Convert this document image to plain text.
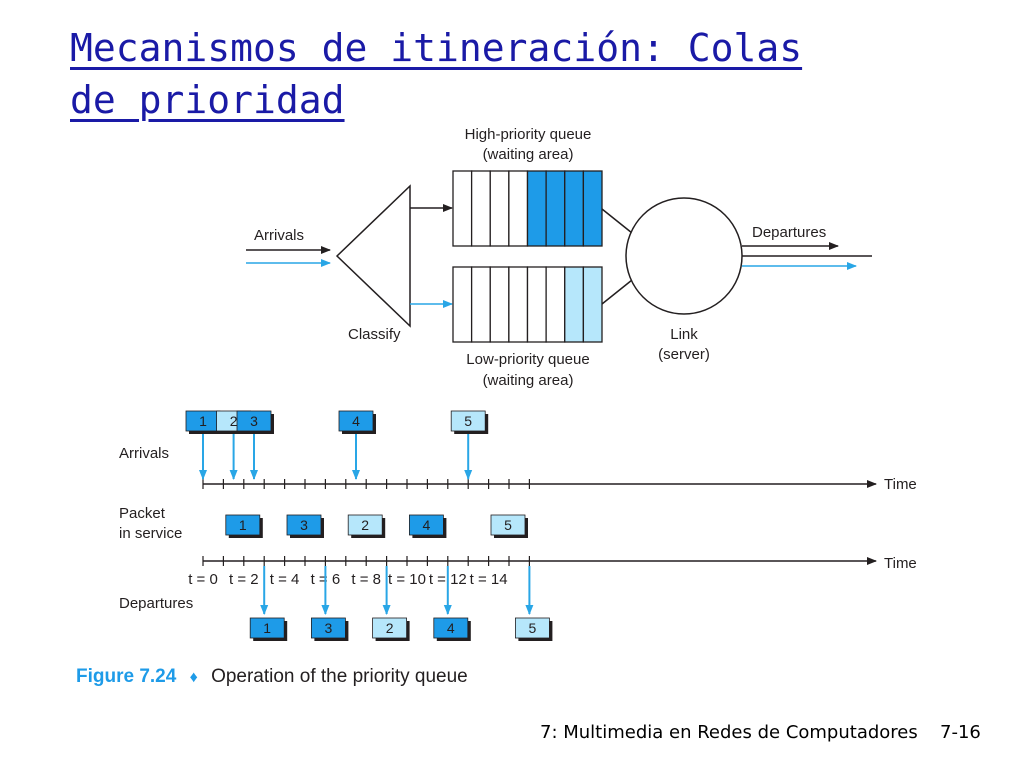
Mecanismos de itineración: Colas de prioridad
High-priority queue
(waiting area)
Arrivals
Classify
Low-priority queue
(waiting area)
Link
(server)
Departures
Arrivals
Packet
in service
Departures
Time
Time
t = 0 t = 2 t = 4 t = 6 t = 8 t = 10 t = 12 t = 14
1 2 3	4	5
1	3	2	4	5
1	3	2	4	5
Figure 7.24 ♦ Operation of the priority queue
7: Multimedia en Redes de Computadores 7-16
